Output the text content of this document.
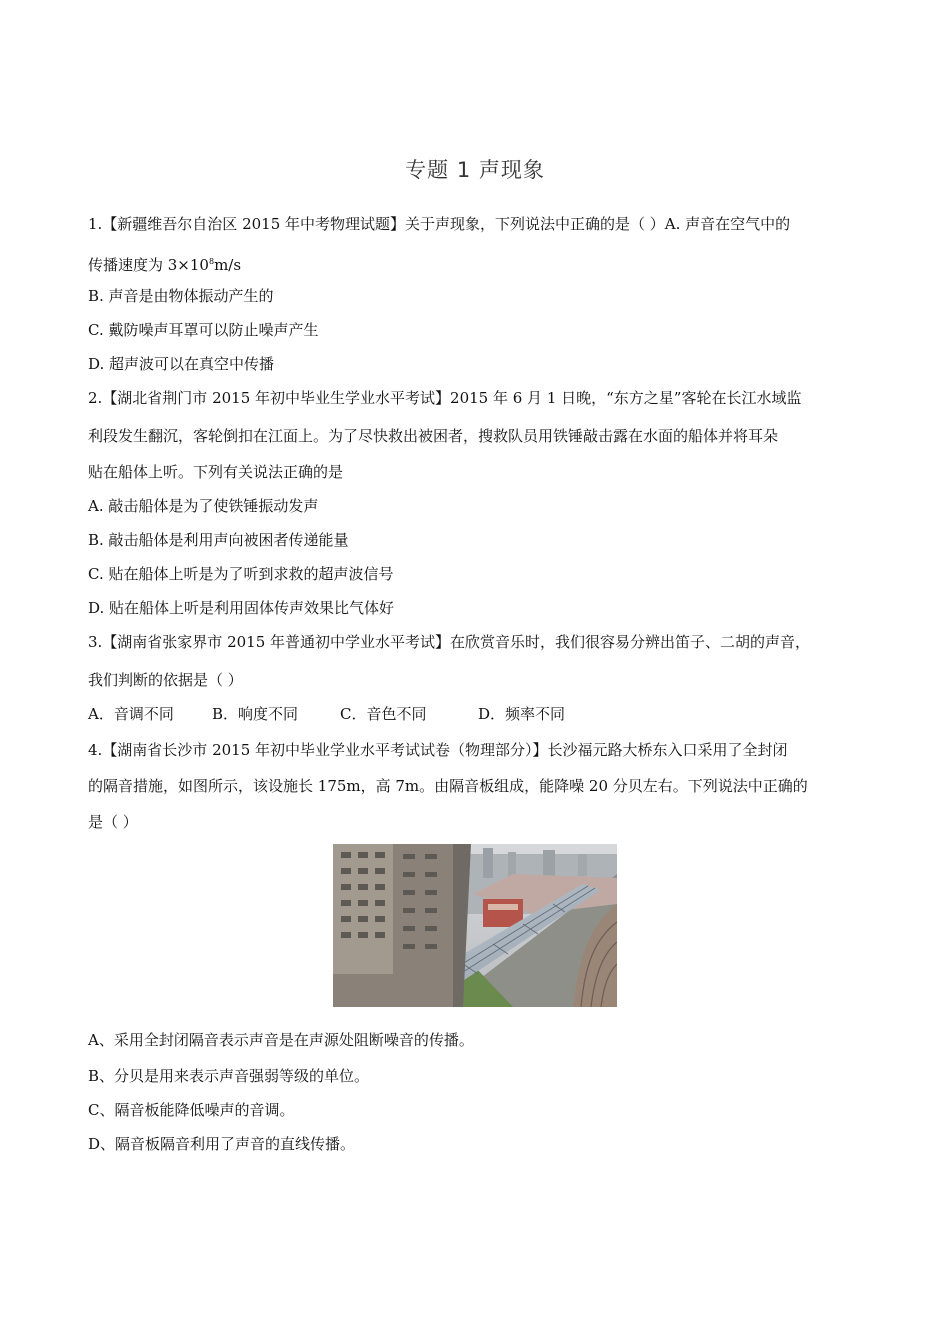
专题 1 声现象
1.【新疆维吾尔自治区 2015 年中考物理试题】关于声现象，下列说法中正确的是（ ）A. 声音在空气中的
传播速度为 $3\times 10^8m/s$
B. 声音是由物体振动产生的
C. 戴防噪声耳罩可以防止噪声产生
D. 超声波可以在真空中传播
2.【湖北省荆门市 2015 年初中毕业生学业水平考试】2015 年 6 月 1 日晚，“东方之星”客轮在长江水域监
利段发生翻沉，客轮倒扣在江面上。为了尽快救出被困者，搜救队员用铁锤敲击露在水面的船体并将耳朵
贴在船体上听。下列有关说法正确的是
A. 敲击船体是为了使铁锤振动发声
B. 敲击船体是利用声向被困者传递能量
C. 贴在船体上听是为了听到求救的超声波信号
D. 贴在船体上听是利用固体传声效果比气体好
3.【湖南省张家界市 2015 年普通初中学业水平考试】在欣赏音乐时，我们很容易分辨出笛子、二胡的声音，
我们判断的依据是（ ）
A．音调不同	B．响度不同	C．音色不同	D．频率不同
4.【湖南省长沙市 2015 年初中毕业学业水平考试试卷（物理部分）】长沙福元路大桥东入口采用了全封闭
的隔音措施，如图所示，该设施长 175m，高 7m。由隔音板组成，能降噪 20 分贝左右。下列说法中正确的
是（ ）
A、采用全封闭隔音表示声音是在声源处阻断噪音的传播。
B、分贝是用来表示声音强弱等级的单位。
C、隔音板能降低噪声的音调。
D、隔音板隔音利用了声音的直线传播。
